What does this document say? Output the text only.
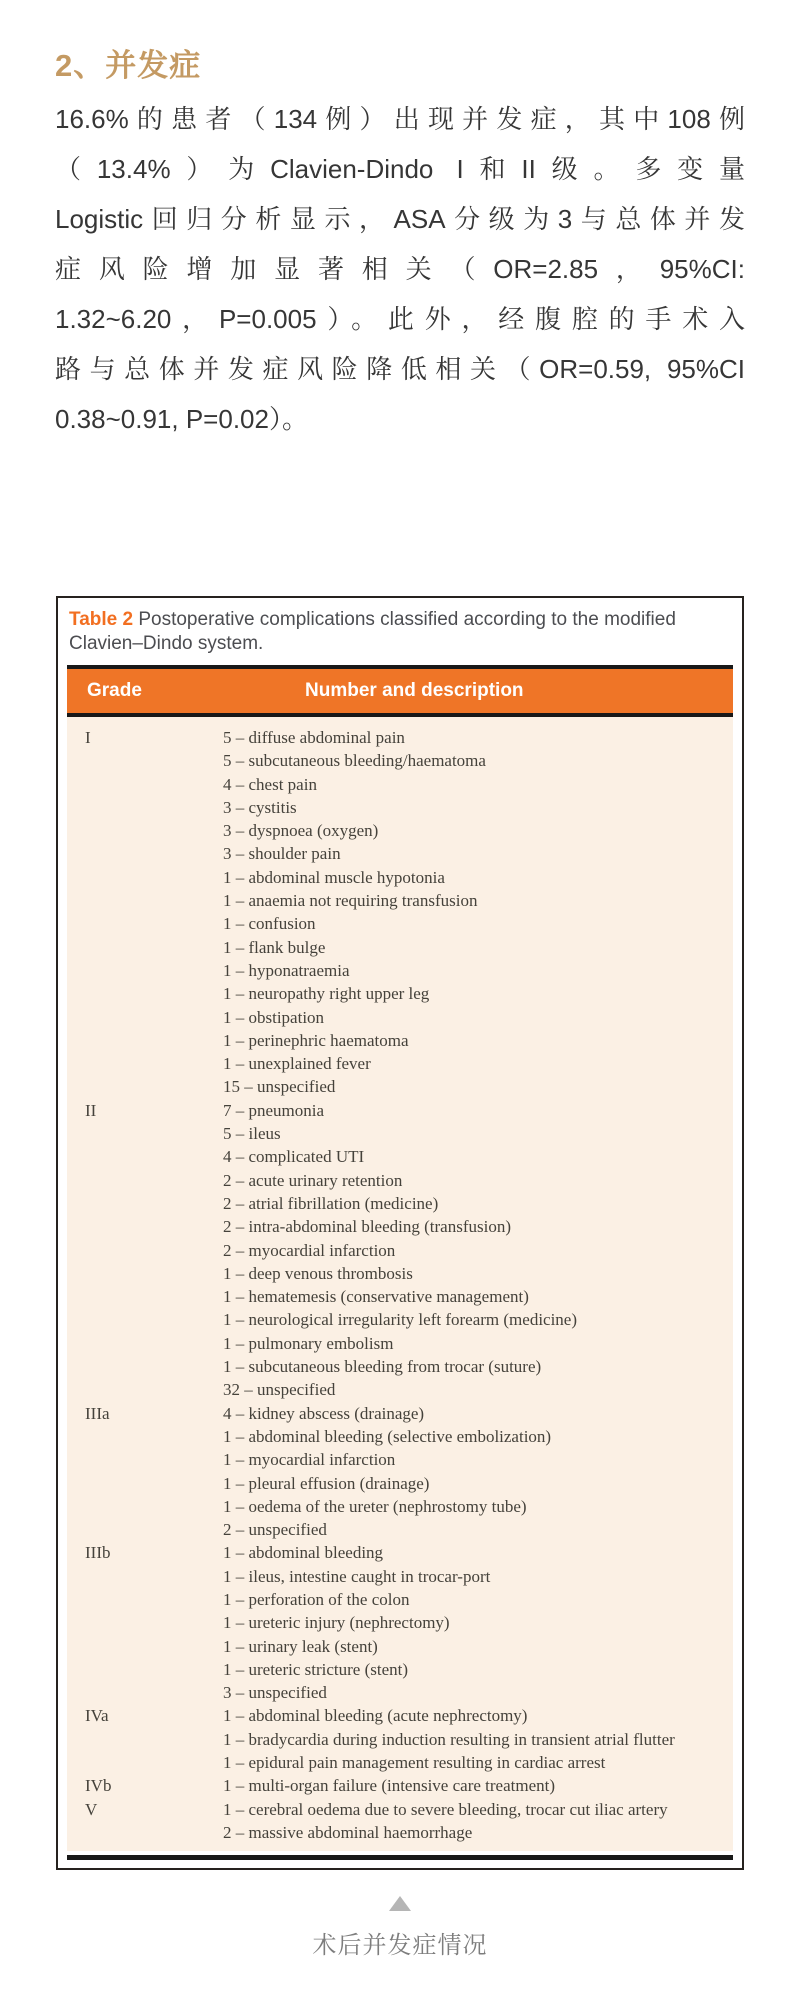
2、并发症
16.6%的患者（134例）出现并发症，其中108例
（13.4%）为Clavien-Dindo I和II级。多变量
Logistic回归分析显示，ASA分级为3与总体并发
症风险增加显著相关（OR=2.85，95%CI:
1.32~6.20，P=0.005）。此外，经腹腔的手术入
路与总体并发症风险降低相关（OR=0.59, 95%CI
0.38~0.91, P=0.02）。
Table 2 Postoperative complications classified according to the modified Clavien–Dindo system.
Grade	Number and description
I	5 – diffuse abdominal pain
5 – subcutaneous bleeding/haematoma
4 – chest pain
3 – cystitis
3 – dyspnoea (oxygen)
3 – shoulder pain
1 – abdominal muscle hypotonia
1 – anaemia not requiring transfusion
1 – confusion
1 – flank bulge
1 – hyponatraemia
1 – neuropathy right upper leg
1 – obstipation
1 – perinephric haematoma
1 – unexplained fever
15 – unspecified
II	7 – pneumonia
5 – ileus
4 – complicated UTI
2 – acute urinary retention
2 – atrial fibrillation (medicine)
2 – intra-abdominal bleeding (transfusion)
2 – myocardial infarction
1 – deep venous thrombosis
1 – hematemesis (conservative management)
1 – neurological irregularity left forearm (medicine)
1 – pulmonary embolism
1 – subcutaneous bleeding from trocar (suture)
32 – unspecified
IIIa	4 – kidney abscess (drainage)
1 – abdominal bleeding (selective embolization)
1 – myocardial infarction
1 – pleural effusion (drainage)
1 – oedema of the ureter (nephrostomy tube)
2 – unspecified
IIIb	1 – abdominal bleeding
1 – ileus, intestine caught in trocar-port
1 – perforation of the colon
1 – ureteric injury (nephrectomy)
1 – urinary leak (stent)
1 – ureteric stricture (stent)
3 – unspecified
IVa	1 – abdominal bleeding (acute nephrectomy)
1 – bradycardia during induction resulting in transient atrial flutter
1 – epidural pain management resulting in cardiac arrest
IVb	1 – multi-organ failure (intensive care treatment)
V	1 – cerebral oedema due to severe bleeding, trocar cut iliac artery
2 – massive abdominal haemorrhage
术后并发症情况
